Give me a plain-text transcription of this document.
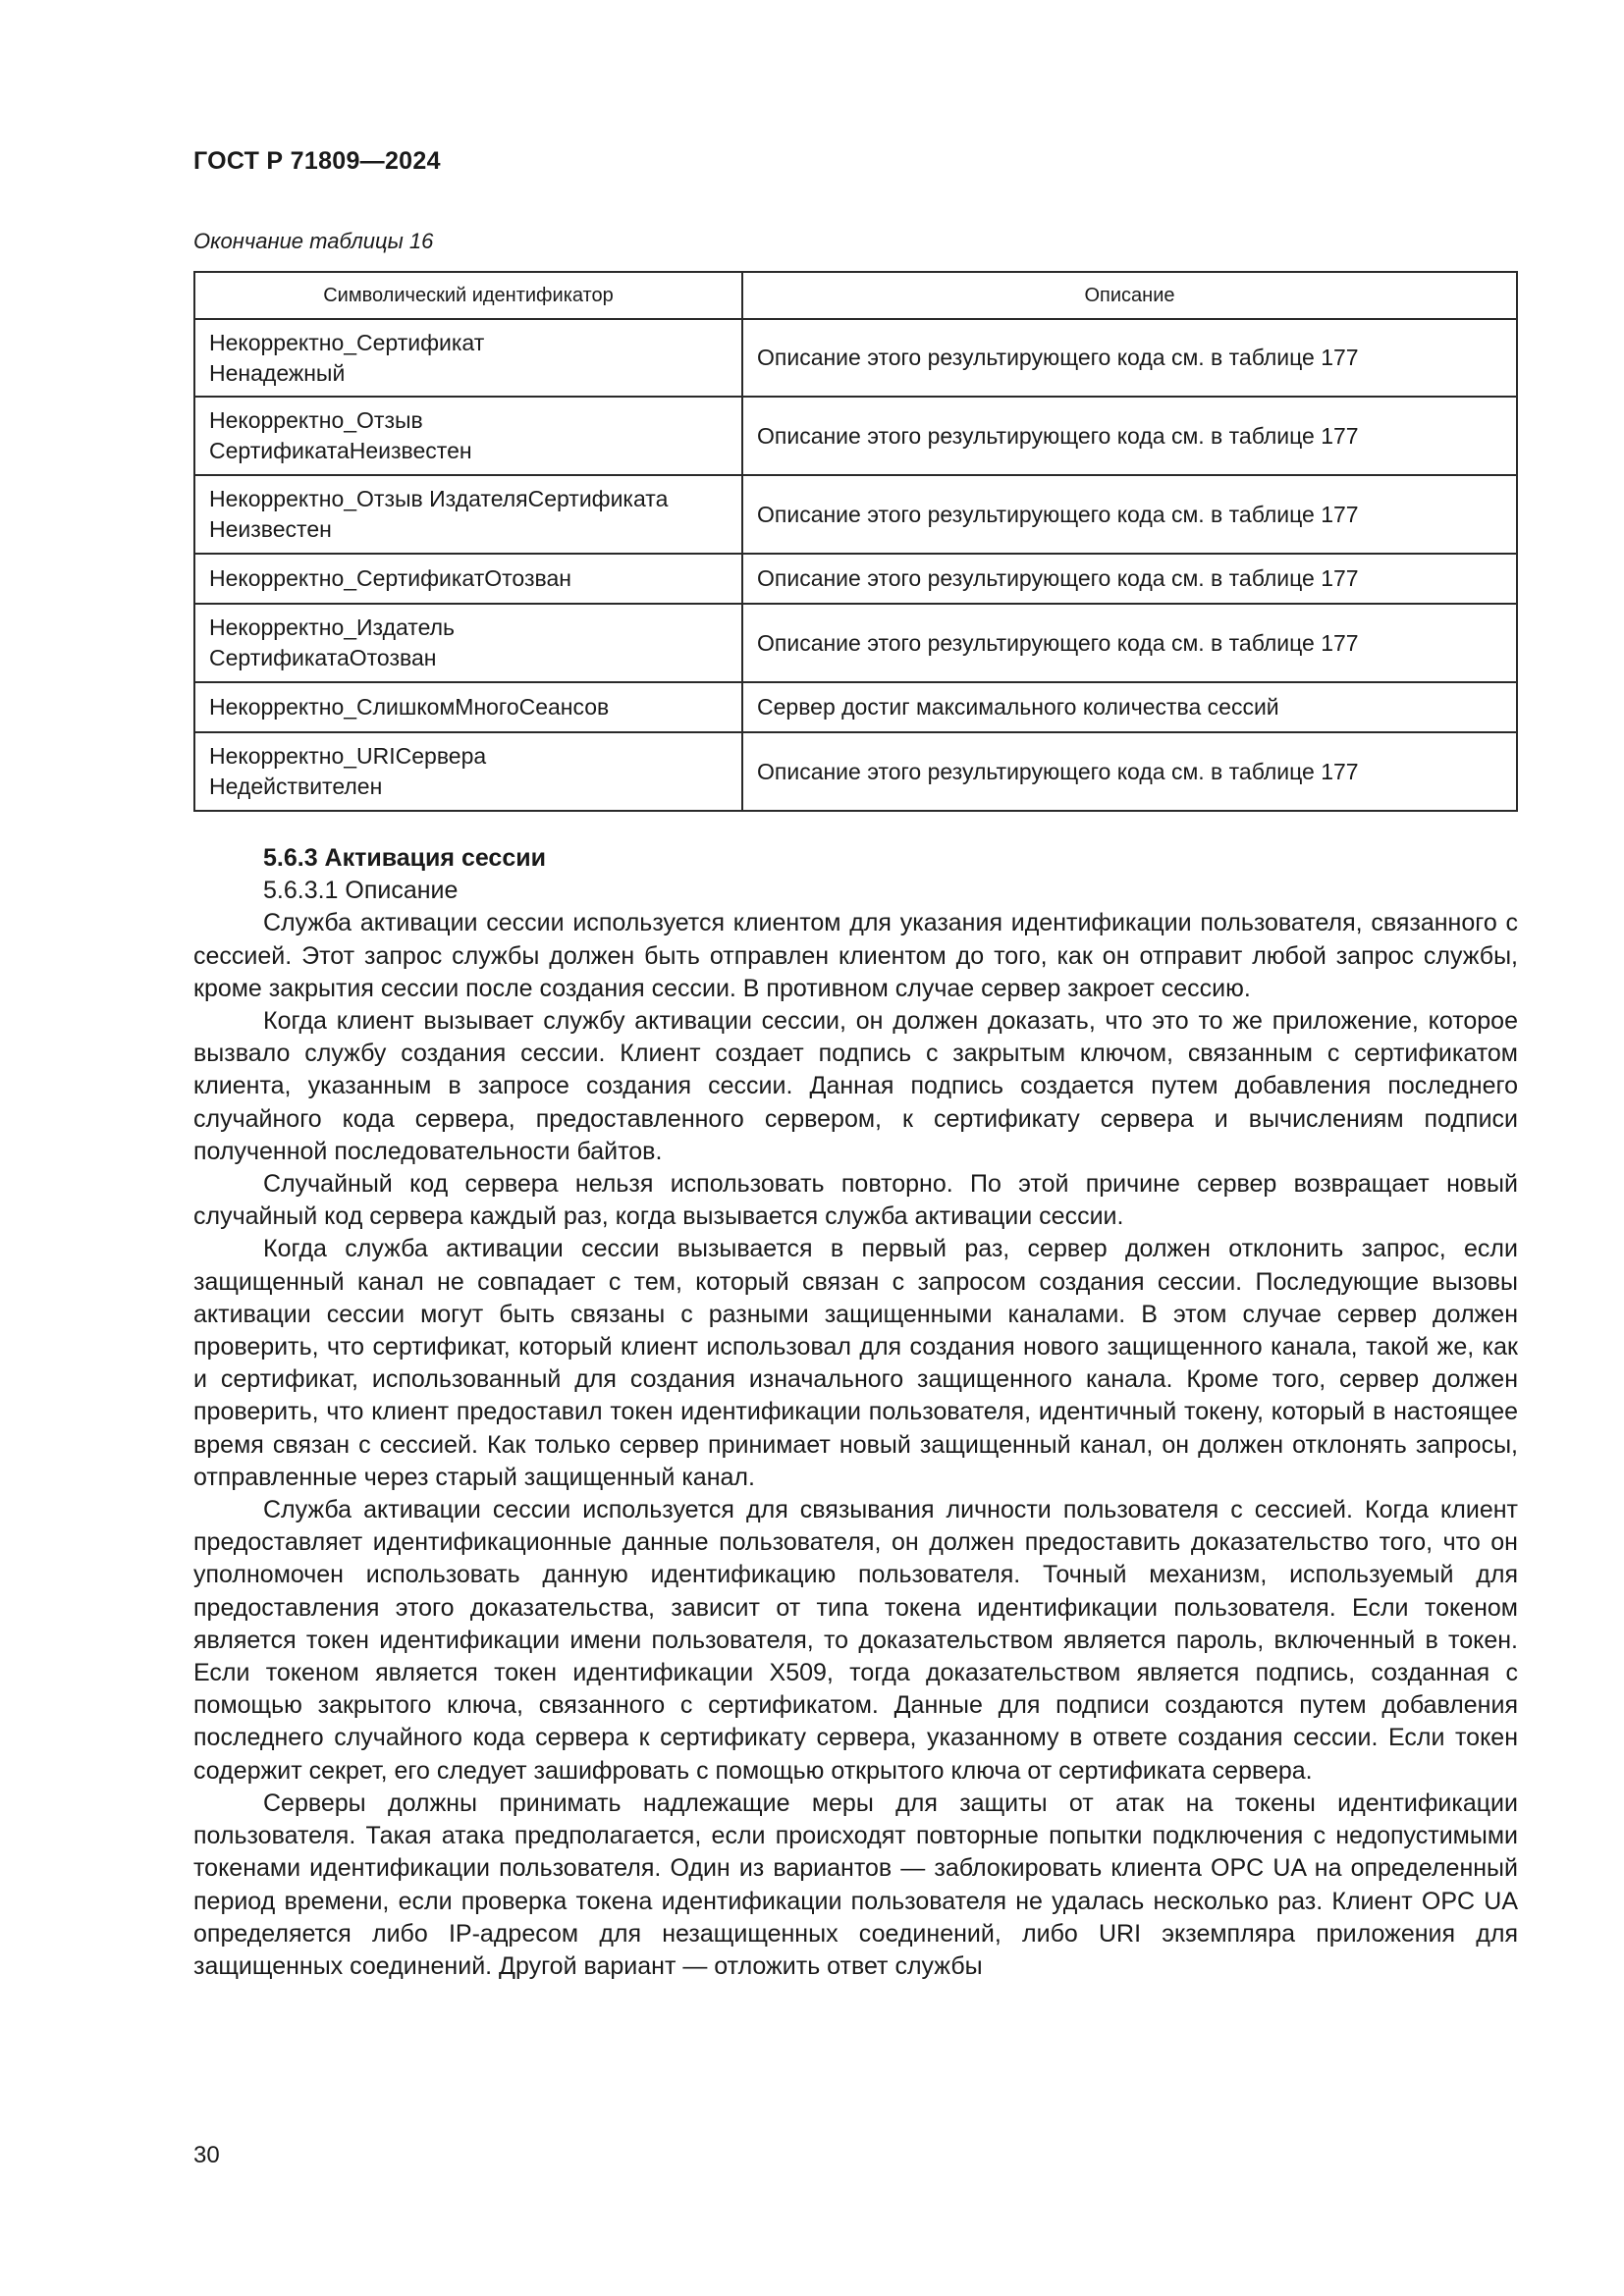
ГОСТ Р 71809—2024
Окончание таблицы 16
Символический идентификатор	Описание

Некорректно_Сертификат
Ненадежный	Описание этого результирующего кода см. в таблице 177

Некорректно_Отзыв
СертификатаНеизвестен	Описание этого результирующего кода см. в таблице 177

Некорректно_Отзыв ИздателяСертификата
Неизвестен	Описание этого результирующего кода см. в таблице 177

Некорректно_СертификатОтозван	Описание этого результирующего кода см. в таблице 177

Некорректно_Издатель
СертификатаОтозван	Описание этого результирующего кода см. в таблице 177

Некорректно_СлишкомМногоСеансов	Сервер достиг максимального количества сессий

Некорректно_URIСервера
Недействителен	Описание этого результирующего кода см. в таблице 177

5.6.3 Активация сессии

5.6.3.1 Описание

Служба активации сессии используется клиентом для указания идентификации пользователя, связанного с сессией. Этот запрос службы должен быть отправлен клиентом до того, как он отправит любой запрос службы, кроме закрытия сессии после создания сессии. В противном случае сервер закроет сессию.

Когда клиент вызывает службу активации сессии, он должен доказать, что это то же приложение, которое вызвало службу создания сессии. Клиент создает подпись с закрытым ключом, связанным с сертификатом клиента, указанным в запросе создания сессии. Данная подпись создается путем добавления последнего случайного кода сервера, предоставленного сервером, к сертификату сервера и вычислениям подписи полученной последовательности байтов.

Случайный код сервера нельзя использовать повторно. По этой причине сервер возвращает новый случайный код сервера каждый раз, когда вызывается служба активации сессии.

Когда служба активации сессии вызывается в первый раз, сервер должен отклонить запрос, если защищенный канал не совпадает с тем, который связан с запросом создания сессии. Последующие вызовы активации сессии могут быть связаны с разными защищенными каналами. В этом случае сервер должен проверить, что сертификат, который клиент использовал для создания нового защищенного канала, такой же, как и сертификат, использованный для создания изначального защищенного канала. Кроме того, сервер должен проверить, что клиент предоставил токен идентификации пользователя, идентичный токену, который в настоящее время связан с сессией. Как только сервер принимает новый защищенный канал, он должен отклонять запросы, отправленные через старый защищенный канал.

Служба активации сессии используется для связывания личности пользователя с сессией. Когда клиент предоставляет идентификационные данные пользователя, он должен предоставить доказательство того, что он уполномочен использовать данную идентификацию пользователя. Точный механизм, используемый для предоставления этого доказательства, зависит от типа токена идентификации пользователя. Если токеном является токен идентификации имени пользователя, то доказательством является пароль, включенный в токен. Если токеном является токен идентификации X509, тогда доказательством является подпись, созданная с помощью закрытого ключа, связанного с сертификатом. Данные для подписи создаются путем добавления последнего случайного кода сервера к сертификату сервера, указанному в ответе создания сессии. Если токен содержит секрет, его следует зашифровать с помощью открытого ключа от сертификата сервера.

Серверы должны принимать надлежащие меры для защиты от атак на токены идентификации пользователя. Такая атака предполагается, если происходят повторные попытки подключения с недопустимыми токенами идентификации пользователя. Один из вариантов — заблокировать клиента OPC UA на определенный период времени, если проверка токена идентификации пользователя не удалась несколько раз. Клиент OPC UA определяется либо IP-адресом для незащищенных соединений, либо URI экземпляра приложения для защищенных соединений. Другой вариант — отложить ответ службы

30
